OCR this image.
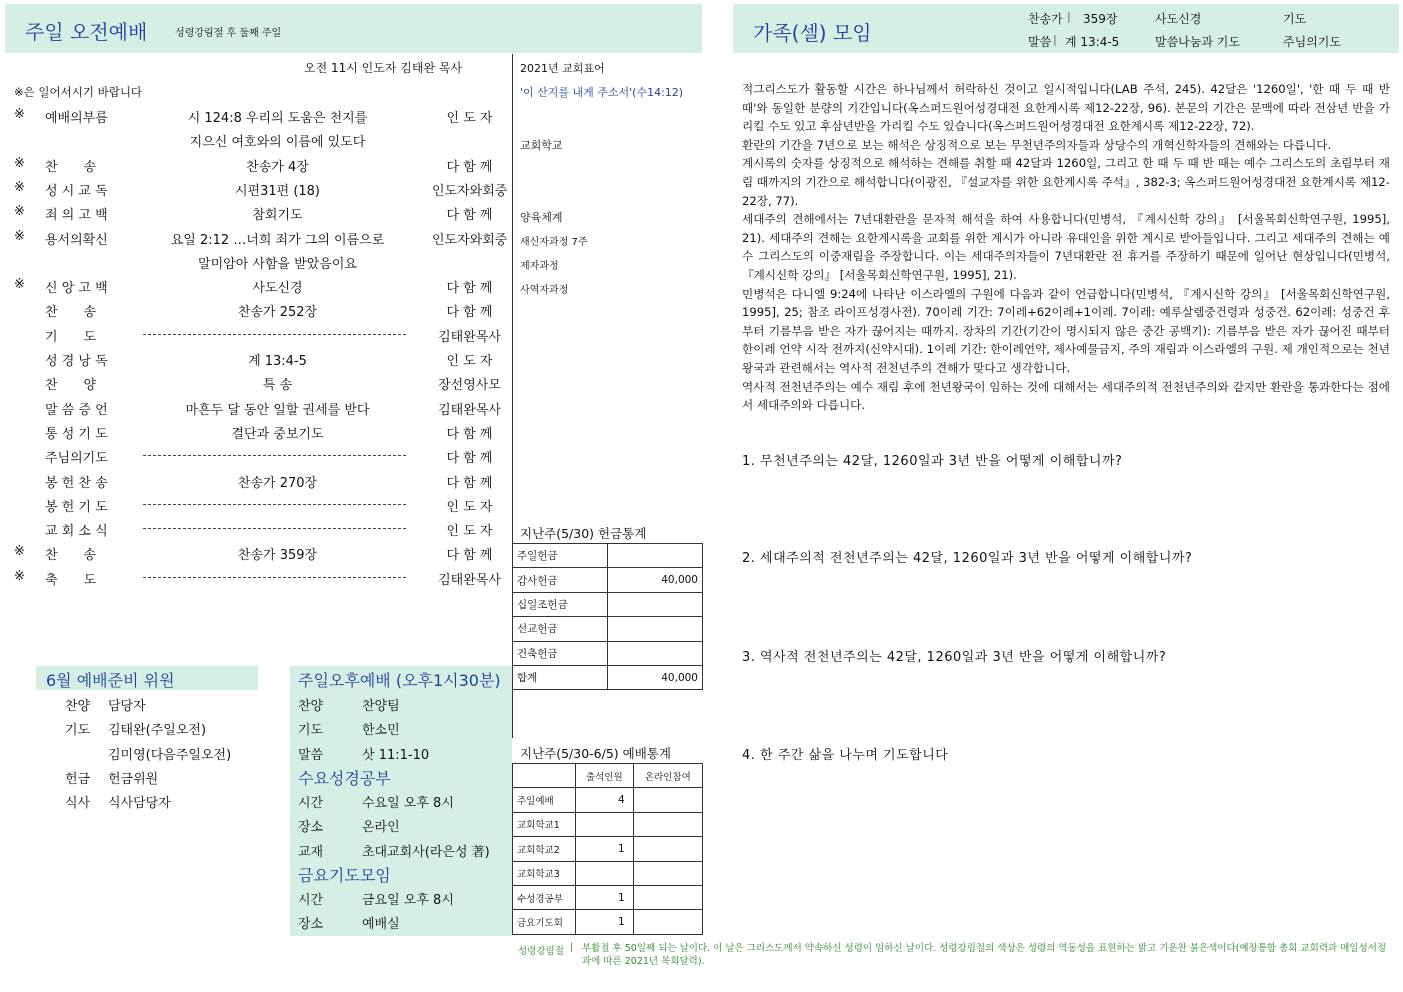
주일 오전예배	성령강림절 후 둘째 주일	가족(셀) 모임
찬송가 | 359장	사도신경	기도
말씀 | 계 13:4-5	말씀나눔과 기도	주님의기도
오전 11시 인도자 김태완 목사
※은 일어서시기 바랍니다
※ 예배의부름	시 124:8 우리의 도움은 천지를	인 도 자
지으신 여호와의 이름에 있도다
※ 찬　　송	찬송가 4장	다 함 께
※ 성 시 교 독	시편31편 (18)	인도자와회중
※ 죄 의 고 백	참회기도	다 함 께
※ 용서의확신	요일 2:12 …너희 죄가 그의 이름으로	인도자와회중
말미암아 사함을 받았음이요
※ 신 앙 고 백	사도신경	다 함 께
찬　　송	찬송가 252장	다 함 께
기　　도	김태완목사
성 경 낭 독	계 13:4-5	인 도 자
찬　　양	특 송	장선영사모
말 씀 증 언	마흔두 달 동안 일할 권세를 받다	김태완목사
통 성 기 도	결단과 중보기도	다 함 께
주님의기도	다 함 께
봉 헌 찬 송	찬송가 270장	다 함 께
봉 헌 기 도	인 도 자
교 회 소 식	인 도 자
※ 찬　　송	찬송가 359장	다 함 께
※ 축　　도	김태완목사
2021년 교회표어
'이 산지를 내게 주소서'(수14:12)
교회학교
양육체계
새신자과정 7주
제자과정
사역자과정
지난주(5/30) 헌금통계
주일헌금	
감사헌금	40,000
십일조헌금	
선교헌금	
건축헌금	
합계	40,000
지난주(5/30-6/5) 예배통계
	출석인원	온라인참여
주일예배	4	
교회학교1		
교회학교2	1	
교회학교3		
수성경공부	1	
금요기도회	1	
6월 예배준비 위원
찬양 담당자
기도 김태완(주일오전)
김미영(다음주일오전)
헌금 헌금위원
식사 식사담당자
주일오후예배 (오후1시30분)
찬양	찬양팀
기도	한소민
말씀	삿 11:1-10
수요성경공부
시간	수요일 오후 8시
장소	온라인
교재	초대교회사(라은성 著)
금요기도모임
시간	금요일 오후 8시
장소	예배실

적그리스도가 활동할 시간은 하나님께서 허락하신 것이고 일시적입니다(LAB 주석, 245). 42달은 '1260일', '한 때 두 때 반 때'와 동일한 분량의 기간입니다(옥스퍼드원어성경대전 요한계시록 제12-22장, 96). 본문의 기간은 문맥에 따라 전삼년 반을 가리킬 수도 있고 후삼년반을 가리킬 수도 있습니다(옥스퍼드원어성경대전 요한계시록 제12-22장, 72).

환란의 기간을 7년으로 보는 해석은 상징적으로 보는 무천년주의자들과 상당수의 개혁신학자들의 견해와는 다릅니다.

계시록의 숫자를 상징적으로 해석하는 견해를 취할 때 42달과 1260일, 그리고 한 때 두 때 반 때는 예수 그리스도의 초림부터 재림 때까지의 기간으로 해석합니다(이광진, 『설교자를 위한 요한계시록 주석』, 382-3; 옥스퍼드원어성경대전 요한계시록 제12-22장, 77).

세대주의 견해에서는 7년대환란을 문자적 해석을 하여 사용합니다(민병석, 『계시신학 강의』 [서울목회신학연구원, 1995], 21). 세대주의 견해는 요한계시록을 교회를 위한 계시가 아니라 유대인을 위한 계시로 받아들입니다. 그리고 세대주의 견해는 예수 그리스도의 이중재림을 주장합니다. 이는 세대주의자들이 7년대환란 전 휴거를 주장하기 때문에 일어난 현상입니다(민병석, 『계시신학 강의』 [서울목회신학연구원, 1995], 21).

민병석은 다니엘 9:24에 나타난 이스라엘의 구원에 다음과 같이 언급합니다(민병석, 『계시신학 강의』 [서울목회신학연구원, 1995], 25; 참조 라이프성경사전). 70이레 기간: 7이레+62이레+1이레. 7이레: 예루살렘중건령과 성중건. 62이레: 성중건 후부터 기름부음 받은 자가 끊어지는 때까지. 장차의 기간(기간이 명시되지 않은 중간 공백기): 기름부음 받은 자가 끊어진 때부터 한이레 언약 시작 전까지(신약시대). 1이레 기간: 한이레언약, 제사예물금지, 주의 재림과 이스라엘의 구원. 제 개인적으로는 천년왕국과 관련해서는 역사적 전천년주의 견해가 맞다고 생각합니다.

역사적 전천년주의는 예수 재림 후에 천년왕국이 임하는 것에 대해서는 세대주의적 전천년주의와 같지만 환란을 통과한다는 점에서 세대주의와 다릅니다.

1. 무천년주의는 42달, 1260일과 3년 반을 어떻게 이해합니까?
2. 세대주의적 전천년주의는 42달, 1260일과 3년 반을 어떻게 이해합니까?
3. 역사적 전천년주의는 42달, 1260일과 3년 반을 어떻게 이해합니까?
4. 한 주간 삶을 나누며 기도합니다
성령강림절 | 부활절 후 50일째 되는 날이다. 이 날은 그리스도께서 약속하신 성령이 임하신 날이다. 성령강림절의 색상은 성령의 역동성을 표현하는 밝고 기운찬 붉은색이다(예장통합 총회 교회력과 매일성서정과에 따른 2021년 목회달력).
